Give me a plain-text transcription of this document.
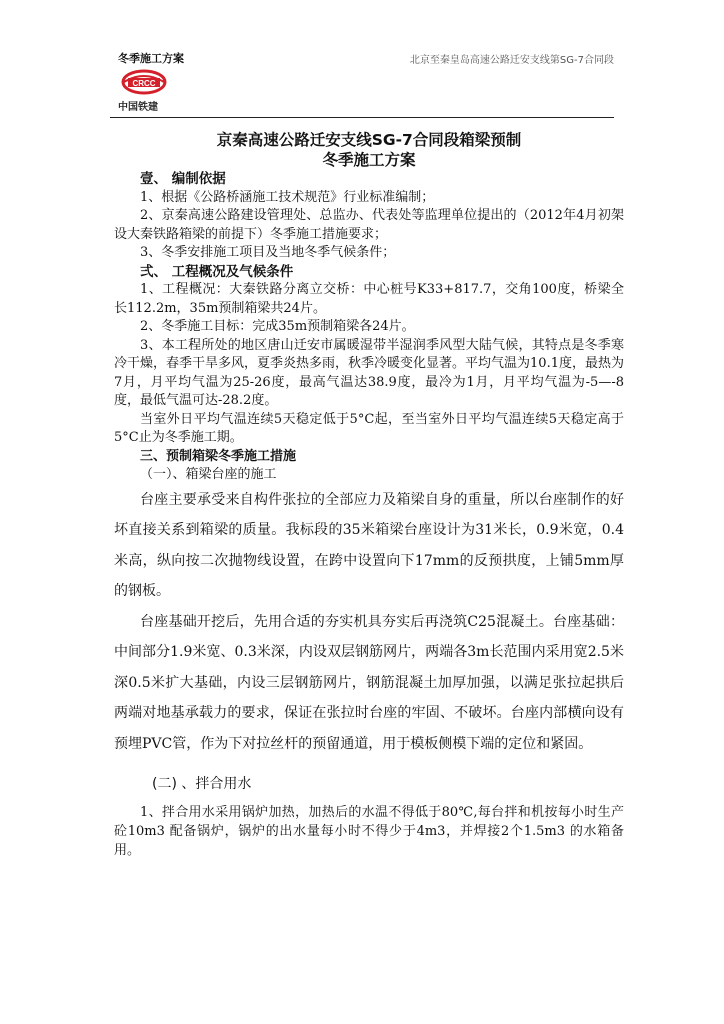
冬季施工方案	北京至秦皇岛高速公路迁安支线第SG-7合同段
CRCC
中国铁建
京秦高速公路迁安支线SG-7合同段箱梁预制
冬季施工方案

壹、 编制依据

1、根据《公路桥涵施工技术规范》行业标准编制；

2、京秦高速公路建设管理处、总监办、代表处等监理单位提出的（2012年4月初架设大秦铁路箱梁的前提下）冬季施工措施要求；

3、冬季安排施工项目及当地冬季气候条件；

弍、 工程概况及气候条件

1、工程概况：大秦铁路分离立交桥：中心桩号K33+817.7，交角100度，桥梁全长112.2m，35m预制箱梁共24片。

2、冬季施工目标：完成35m预制箱梁各24片。

3、本工程所处的地区唐山迁安市属暖湿带半湿润季风型大陆气候，其特点是冬季寒冷干燥，春季干旱多风，夏季炎热多雨，秋季冷暖变化显著。平均气温为10.1度，最热为7月，月平均气温为25-26度，最高气温达38.9度，最冷为1月，月平均气温为-5—-8度，最低气温可达-28.2度。

当室外日平均气温连续5天稳定低于5°C起，至当室外日平均气温连续5天稳定高于5°C止为冬季施工期。

三、预制箱梁冬季施工措施

（一）、箱梁台座的施工

台座主要承受来自构件张拉的全部应力及箱梁自身的重量，所以台座制作的好坏直接关系到箱梁的质量。我标段的35米箱梁台座设计为31米长，0.9米宽，0.4米高，纵向按二次抛物线设置，在跨中设置向下17mm的反预拱度，上铺5mm厚的钢板。

台座基础开挖后，先用合适的夯实机具夯实后再浇筑C25混凝土。台座基础：中间部分1.9米宽、0.3米深，内设双层钢筋网片，两端各3m长范围内采用宽2.5米深0.5米扩大基础，内设三层钢筋网片，钢筋混凝土加厚加强，以满足张拉起拱后两端对地基承载力的要求，保证在张拉时台座的牢固、不破坏。台座内部横向设有预埋PVC管，作为下对拉丝杆的预留通道，用于模板侧模下端的定位和紧固。

(二) 、拌合用水

1、拌合用水采用锅炉加热，加热后的水温不得低于80℃,每台拌和机按每小时生产砼10m3 配备锅炉，锅炉的出水量每小时不得少于4m3，并焊接2个1.5m3 的水箱备用。
